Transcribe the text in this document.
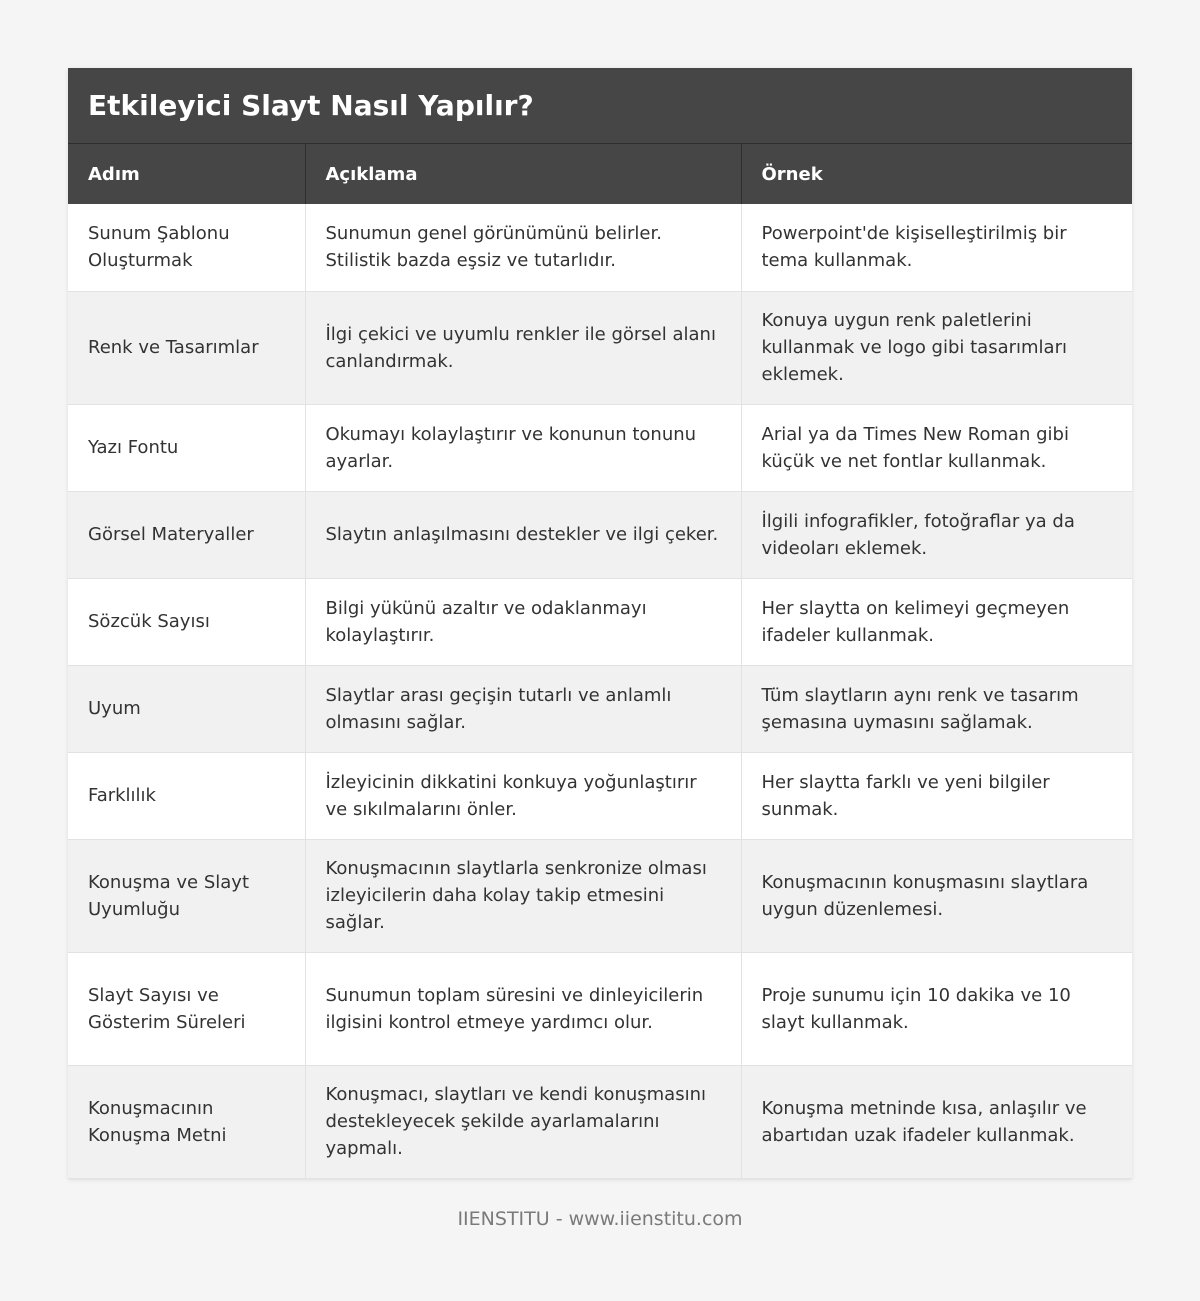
Etkileyici Slayt Nasıl Yapılır?
Adım	Açıklama	Örnek
Sunum Şablonu Oluşturmak	Sunumun genel görünümünü belirler. Stilistik bazda eşsiz ve tutarlıdır.	Powerpoint'de kişiselleştirilmiş bir tema kullanmak.
Renk ve Tasarımlar	İlgi çekici ve uyumlu renkler ile görsel alanı canlandırmak.	Konuya uygun renk paletlerini kullanmak ve logo gibi tasarımları eklemek.
Yazı Fontu	Okumayı kolaylaştırır ve konunun tonunu ayarlar.	Arial ya da Times New Roman gibi küçük ve net fontlar kullanmak.
Görsel Materyaller	Slaytın anlaşılmasını destekler ve ilgi çeker.	İlgili infografikler, fotoğraflar ya da videoları eklemek.
Sözcük Sayısı	Bilgi yükünü azaltır ve odaklanmayı kolaylaştırır.	Her slaytta on kelimeyi geçmeyen ifadeler kullanmak.
Uyum	Slaytlar arası geçişin tutarlı ve anlamlı olmasını sağlar.	Tüm slaytların aynı renk ve tasarım şemasına uymasını sağlamak.
Farklılık	İzleyicinin dikkatini konkuya yoğunlaştırır ve sıkılmalarını önler.	Her slaytta farklı ve yeni bilgiler sunmak.
Konuşma ve Slayt Uyumluğu	Konuşmacının slaytlarla senkronize olması izleyicilerin daha kolay takip etmesini sağlar.	Konuşmacının konuşmasını slaytlara uygun düzenlemesi.
Slayt Sayısı ve Gösterim Süreleri	Sunumun toplam süresini ve dinleyicilerin ilgisini kontrol etmeye yardımcı olur.	Proje sunumu için 10 dakika ve 10 slayt kullanmak.
Konuşmacının Konuşma Metni	Konuşmacı, slaytları ve kendi konuşmasını destekleyecek şekilde ayarlamalarını yapmalı.	Konuşma metninde kısa, anlaşılır ve abartıdan uzak ifadeler kullanmak.
IIENSTITU - www.iienstitu.com
